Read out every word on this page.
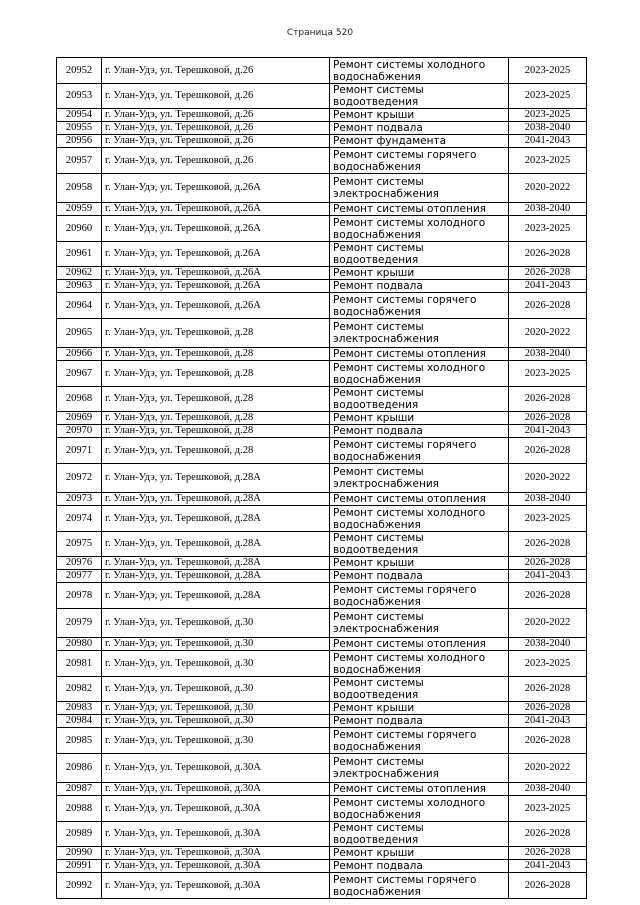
Страница 520
20952	г. Улан-Удэ, ул. Терешковой, д.26	Ремонт системы холодного водоснабжения	2023-2025
20953	г. Улан-Удэ, ул. Терешковой, д.26	Ремонт системы водоотведения	2023-2025
20954	г. Улан-Удэ, ул. Терешковой, д.26	Ремонт крыши	2023-2025
20955	г. Улан-Удэ, ул. Терешковой, д.26	Ремонт подвала	2038-2040
20956	г. Улан-Удэ, ул. Терешковой, д.26	Ремонт фундамента	2041-2043
20957	г. Улан-Удэ, ул. Терешковой, д.26	Ремонт системы горячего водоснабжения	2023-2025
20958	г. Улан-Удэ, ул. Терешковой, д.26А	Ремонт системы электроснабжения	2020-2022
20959	г. Улан-Удэ, ул. Терешковой, д.26А	Ремонт системы отопления	2038-2040
20960	г. Улан-Удэ, ул. Терешковой, д.26А	Ремонт системы холодного водоснабжения	2023-2025
20961	г. Улан-Удэ, ул. Терешковой, д.26А	Ремонт системы водоотведения	2026-2028
20962	г. Улан-Удэ, ул. Терешковой, д.26А	Ремонт крыши	2026-2028
20963	г. Улан-Удэ, ул. Терешковой, д.26А	Ремонт подвала	2041-2043
20964	г. Улан-Удэ, ул. Терешковой, д.26А	Ремонт системы горячего водоснабжения	2026-2028
20965	г. Улан-Удэ, ул. Терешковой, д.28	Ремонт системы электроснабжения	2020-2022
20966	г. Улан-Удэ, ул. Терешковой, д.28	Ремонт системы отопления	2038-2040
20967	г. Улан-Удэ, ул. Терешковой, д.28	Ремонт системы холодного водоснабжения	2023-2025
20968	г. Улан-Удэ, ул. Терешковой, д.28	Ремонт системы водоотведения	2026-2028
20969	г. Улан-Удэ, ул. Терешковой, д.28	Ремонт крыши	2026-2028
20970	г. Улан-Удэ, ул. Терешковой, д.28	Ремонт подвала	2041-2043
20971	г. Улан-Удэ, ул. Терешковой, д.28	Ремонт системы горячего водоснабжения	2026-2028
20972	г. Улан-Удэ, ул. Терешковой, д.28А	Ремонт системы электроснабжения	2020-2022
20973	г. Улан-Удэ, ул. Терешковой, д.28А	Ремонт системы отопления	2038-2040
20974	г. Улан-Удэ, ул. Терешковой, д.28А	Ремонт системы холодного водоснабжения	2023-2025
20975	г. Улан-Удэ, ул. Терешковой, д.28А	Ремонт системы водоотведения	2026-2028
20976	г. Улан-Удэ, ул. Терешковой, д.28А	Ремонт крыши	2026-2028
20977	г. Улан-Удэ, ул. Терешковой, д.28А	Ремонт подвала	2041-2043
20978	г. Улан-Удэ, ул. Терешковой, д.28А	Ремонт системы горячего водоснабжения	2026-2028
20979	г. Улан-Удэ, ул. Терешковой, д.30	Ремонт системы электроснабжения	2020-2022
20980	г. Улан-Удэ, ул. Терешковой, д.30	Ремонт системы отопления	2038-2040
20981	г. Улан-Удэ, ул. Терешковой, д.30	Ремонт системы холодного водоснабжения	2023-2025
20982	г. Улан-Удэ, ул. Терешковой, д.30	Ремонт системы водоотведения	2026-2028
20983	г. Улан-Удэ, ул. Терешковой, д.30	Ремонт крыши	2026-2028
20984	г. Улан-Удэ, ул. Терешковой, д.30	Ремонт подвала	2041-2043
20985	г. Улан-Удэ, ул. Терешковой, д.30	Ремонт системы горячего водоснабжения	2026-2028
20986	г. Улан-Удэ, ул. Терешковой, д.30А	Ремонт системы электроснабжения	2020-2022
20987	г. Улан-Удэ, ул. Терешковой, д.30А	Ремонт системы отопления	2038-2040
20988	г. Улан-Удэ, ул. Терешковой, д.30А	Ремонт системы холодного водоснабжения	2023-2025
20989	г. Улан-Удэ, ул. Терешковой, д.30А	Ремонт системы водоотведения	2026-2028
20990	г. Улан-Удэ, ул. Терешковой, д.30А	Ремонт крыши	2026-2028
20991	г. Улан-Удэ, ул. Терешковой, д.30А	Ремонт подвала	2041-2043
20992	г. Улан-Удэ, ул. Терешковой, д.30А	Ремонт системы горячего водоснабжения	2026-2028
